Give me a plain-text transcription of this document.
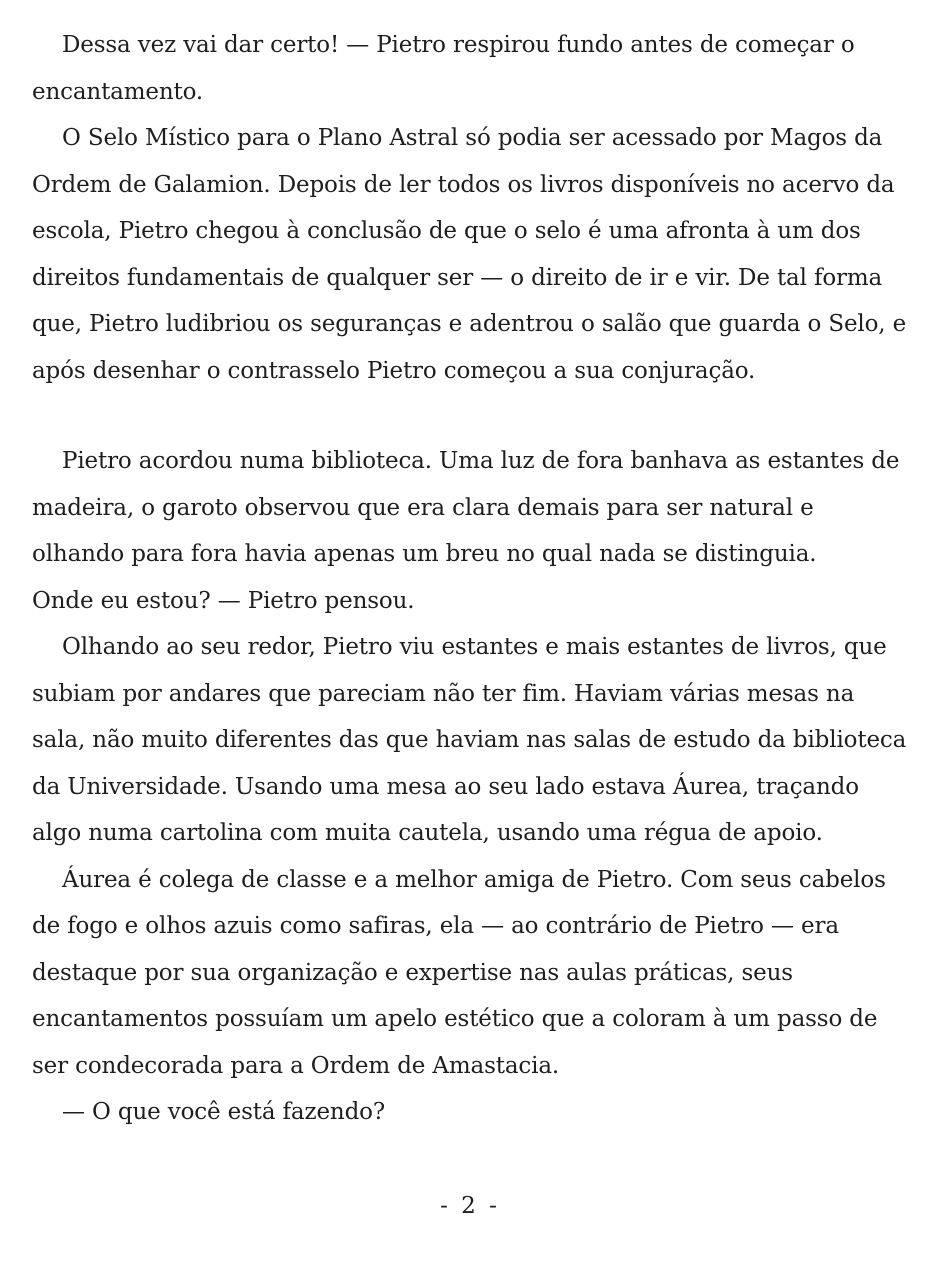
Dessa vez vai dar certo! — Pietro respirou fundo antes de começar o encantamento.

O Selo Místico para o Plano Astral só podia ser acessado por Magos da Ordem de Galamion. Depois de ler todos os livros disponíveis no acervo da escola, Pietro chegou à conclusão de que o selo é uma afronta à um dos direitos fundamentais de qualquer ser — o direito de ir e vir. De tal forma que, Pietro ludibriou os seguranças e adentrou o salão que guarda o Selo, e após desenhar o contrasselo Pietro começou a sua conjuração.

Pietro acordou numa biblioteca. Uma luz de fora banhava as estantes de madeira, o garoto observou que era clara demais para ser natural e olhando para fora havia apenas um breu no qual nada se distinguia.

Onde eu estou? — Pietro pensou.

Olhando ao seu redor, Pietro viu estantes e mais estantes de livros, que subiam por andares que pareciam não ter fim. Haviam várias mesas na sala, não muito diferentes das que haviam nas salas de estudo da biblioteca da Universidade. Usando uma mesa ao seu lado estava Áurea, traçando algo numa cartolina com muita cautela, usando uma régua de apoio.

Áurea é colega de classe e a melhor amiga de Pietro. Com seus cabelos de fogo e olhos azuis como safiras, ela — ao contrário de Pietro — era destaque por sua organização e expertise nas aulas práticas, seus encantamentos possuíam um apelo estético que a coloram à um passo de ser condecorada para a Ordem de Amastacia.

— O que você está fazendo?

- 2 -
